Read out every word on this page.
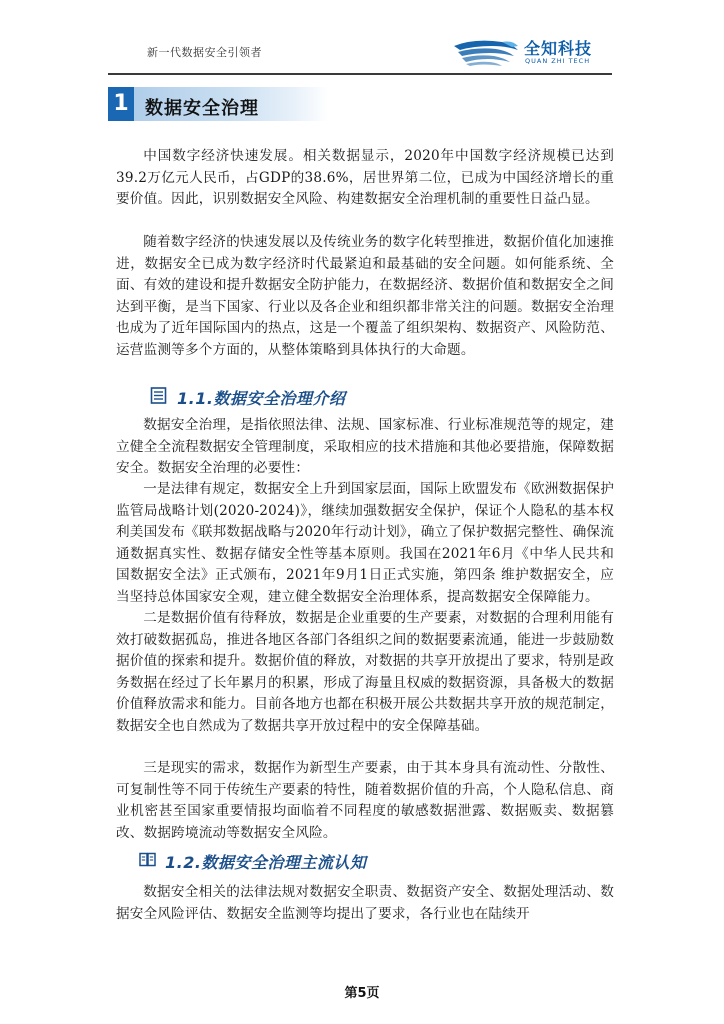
新一代数据安全引领者	全知科技
QUAN ZHI TECH
1 数据安全治理

中国数字经济快速发展。相关数据显示，2020年中国数字经济规模已达到39.2万亿元人民币，占GDP的38.6%，居世界第二位，已成为中国经济增长的重要价值。因此，识别数据安全风险、构建数据安全治理机制的重要性日益凸显。

随着数字经济的快速发展以及传统业务的数字化转型推进，数据价值化加速推进，数据安全已成为数字经济时代最紧迫和最基础的安全问题。如何能系统、全面、有效的建设和提升数据安全防护能力，在数据经济、数据价值和数据安全之间达到平衡，是当下国家、行业以及各企业和组织都非常关注的问题。数据安全治理也成为了近年国际国内的热点，这是一个覆盖了组织架构、数据资产、风险防范、运营监测等多个方面的，从整体策略到具体执行的大命题。

1.1.数据安全治理介绍

数据安全治理，是指依照法律、法规、国家标准、行业标准规范等的规定，建立健全全流程数据安全管理制度，采取相应的技术措施和其他必要措施，保障数据安全。数据安全治理的必要性：

一是法律有规定，数据安全上升到国家层面，国际上欧盟发布《欧洲数据保护监管局战略计划(2020-2024)》，继续加强数据安全保护，保证个人隐私的基本权利美国发布《联邦数据战略与2020年行动计划》，确立了保护数据完整性、确保流通数据真实性、数据存储安全性等基本原则。我国在2021年6月《中华人民共和国数据安全法》正式颁布，2021年9月1日正式实施，第四条 维护数据安全，应当坚持总体国家安全观，建立健全数据安全治理体系，提高数据安全保障能力。

二是数据价值有待释放，数据是企业重要的生产要素，对数据的合理利用能有效打破数据孤岛，推进各地区各部门各组织之间的数据要素流通，能进一步鼓励数据价值的探索和提升。数据价值的释放，对数据的共享开放提出了要求，特别是政务数据在经过了长年累月的积累，形成了海量且权威的数据资源，具备极大的数据价值释放需求和能力。目前各地方也都在积极开展公共数据共享开放的规范制定，数据安全也自然成为了数据共享开放过程中的安全保障基础。

三是现实的需求，数据作为新型生产要素，由于其本身具有流动性、分散性、可复制性等不同于传统生产要素的特性，随着数据价值的升高，个人隐私信息、商业机密甚至国家重要情报均面临着不同程度的敏感数据泄露、数据贩卖、数据篡改、数据跨境流动等数据安全风险。

1.2.数据安全治理主流认知

数据安全相关的法律法规对数据安全职责、数据资产安全、数据处理活动、数据安全风险评估、数据安全监测等均提出了要求，各行业也在陆续开

第5页
